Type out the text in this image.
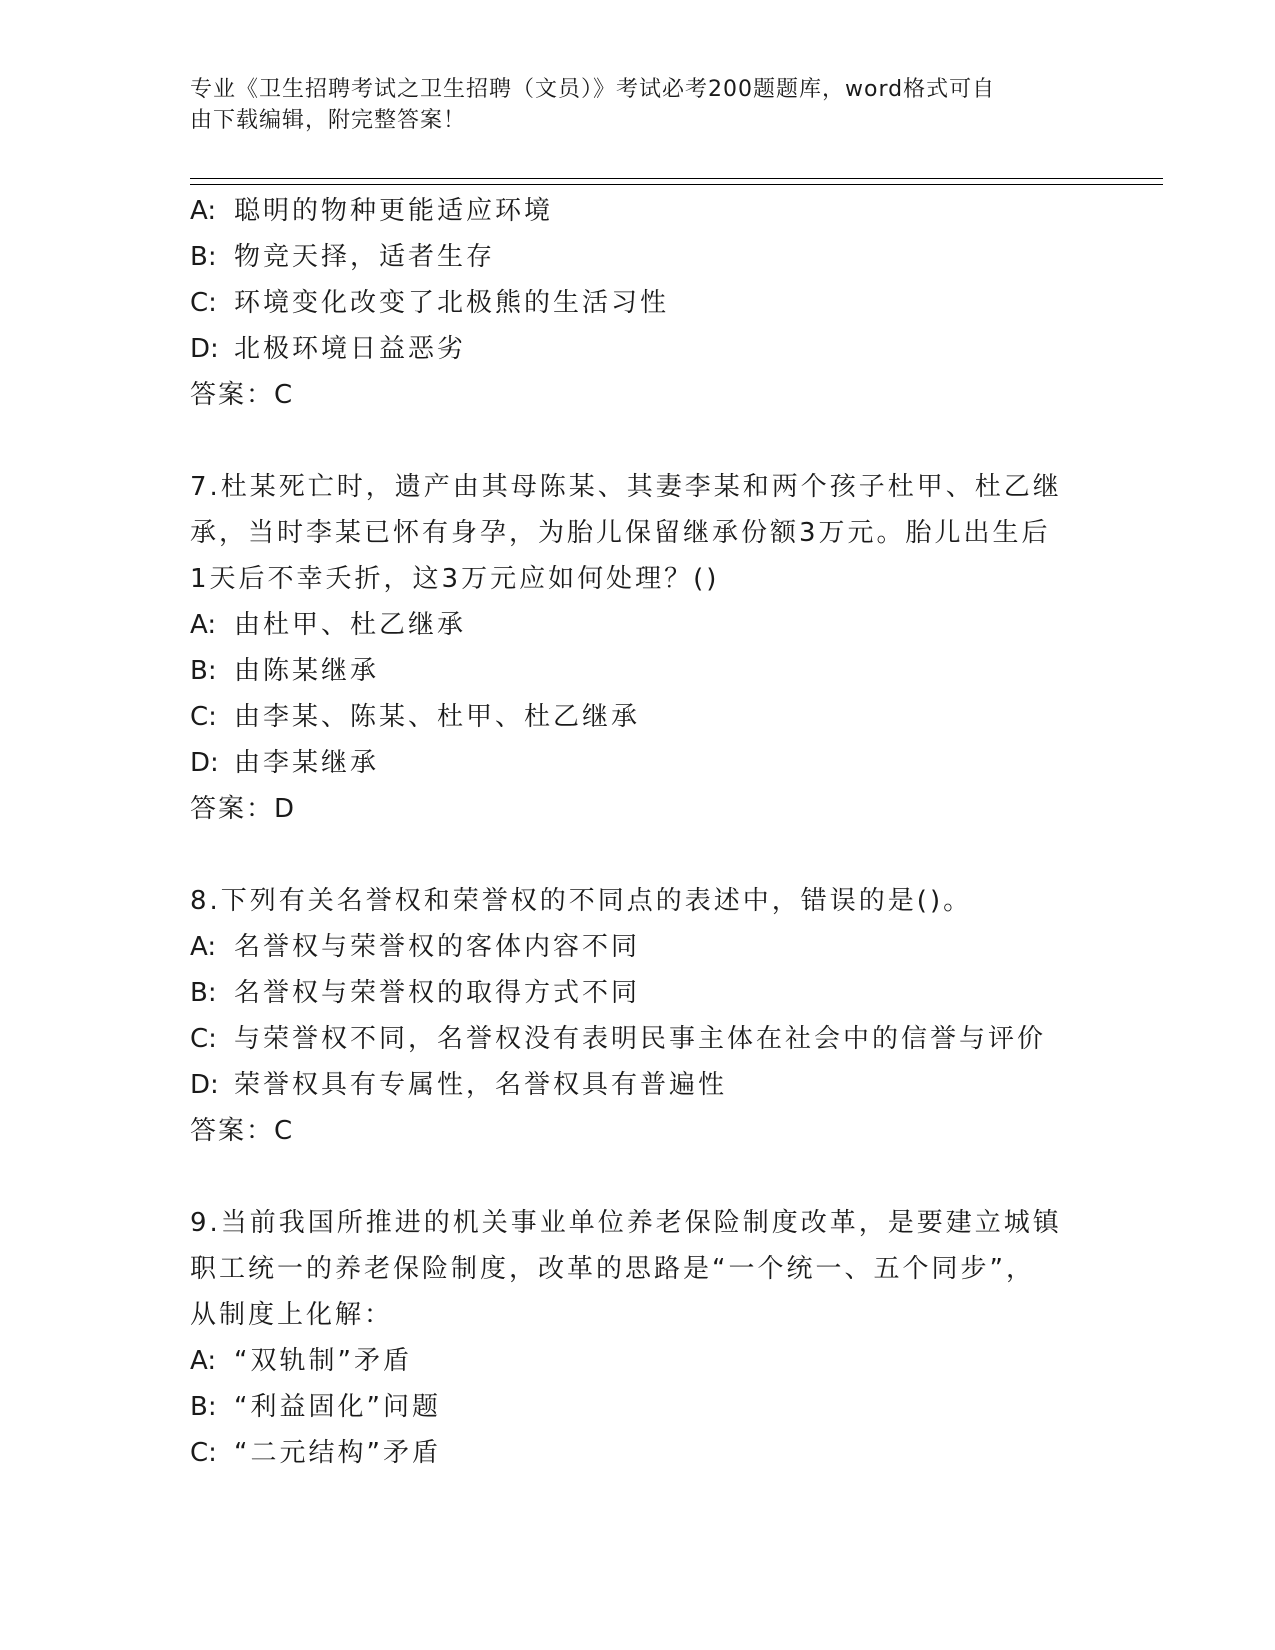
专业《卫生招聘考试之卫生招聘（文员）》考试必考200题题库，word格式可自
由下载编辑，附完整答案！
A: 聪明的物种更能适应环境
B: 物竞天择，适者生存
C: 环境变化改变了北极熊的生活习性
D: 北极环境日益恶劣
答案：C
7.杜某死亡时，遗产由其母陈某、其妻李某和两个孩子杜甲、杜乙继
承，当时李某已怀有身孕，为胎儿保留继承份额3万元。胎儿出生后
1天后不幸夭折，这3万元应如何处理？()
A: 由杜甲、杜乙继承
B: 由陈某继承
C: 由李某、陈某、杜甲、杜乙继承
D: 由李某继承
答案：D
8.下列有关名誉权和荣誉权的不同点的表述中，错误的是()。
A: 名誉权与荣誉权的客体内容不同
B: 名誉权与荣誉权的取得方式不同
C: 与荣誉权不同，名誉权没有表明民事主体在社会中的信誉与评价
D: 荣誉权具有专属性，名誉权具有普遍性
答案：C
9.当前我国所推进的机关事业单位养老保险制度改革，是要建立城镇
职工统一的养老保险制度，改革的思路是“一个统一、五个同步”，
从制度上化解：
A: “双轨制”矛盾
B: “利益固化”问题
C: “二元结构”矛盾
